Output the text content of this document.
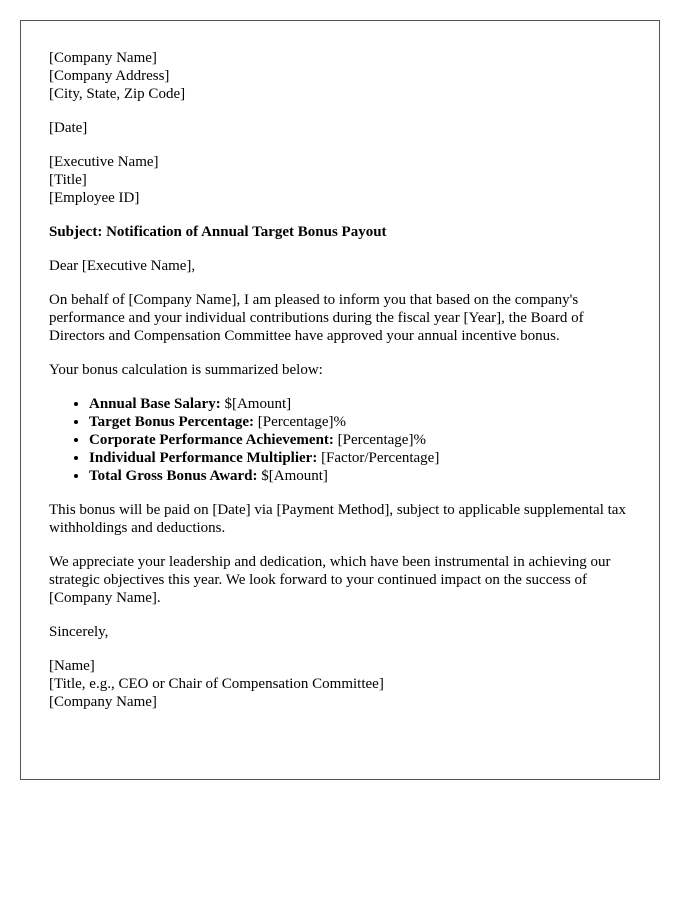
[Company Name]
[Company Address]
[City, State, Zip Code]
[Date]
[Executive Name]
[Title]
[Employee ID]
Subject: Notification of Annual Target Bonus Payout
Dear [Executive Name],
On behalf of [Company Name], I am pleased to inform you that based on the company's performance and your individual contributions during the fiscal year [Year], the Board of Directors and Compensation Committee have approved your annual incentive bonus.
Your bonus calculation is summarized below:
• Annual Base Salary: $[Amount]
• Target Bonus Percentage: [Percentage]%
• Corporate Performance Achievement: [Percentage]%
• Individual Performance Multiplier: [Factor/Percentage]
• Total Gross Bonus Award: $[Amount]
This bonus will be paid on [Date] via [Payment Method], subject to applicable supplemental tax withholdings and deductions.
We appreciate your leadership and dedication, which have been instrumental in achieving our strategic objectives this year. We look forward to your continued impact on the success of [Company Name].
Sincerely,
[Name]
[Title, e.g., CEO or Chair of Compensation Committee]
[Company Name]
